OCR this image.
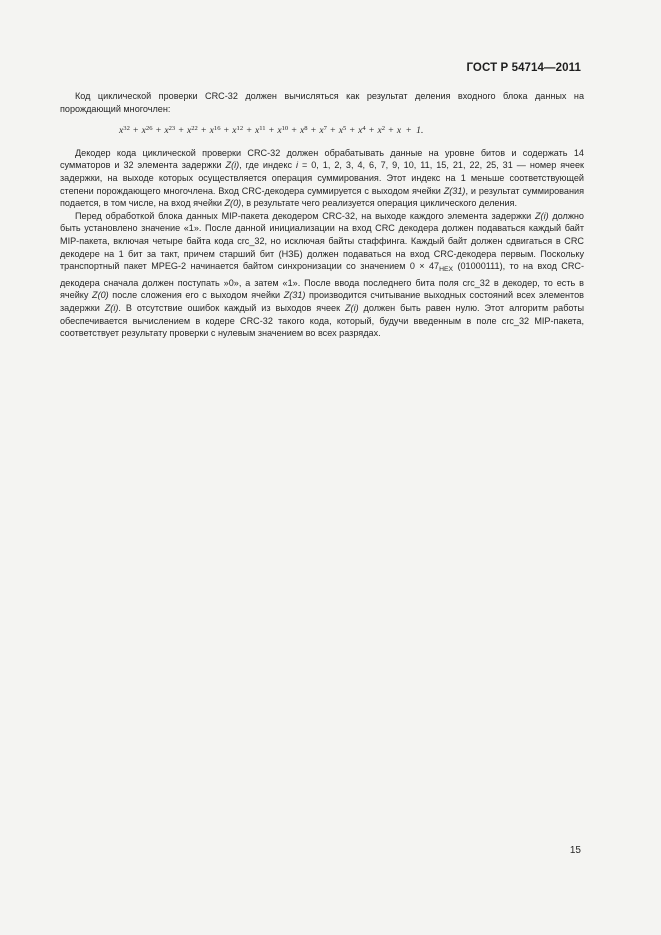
ГОСТ Р 54714—2011

Код циклической проверки CRC-32 должен вычисляться как результат деления входного блока данных на порождающий многочлен:

$x^{32} + x^{26} + x^{23} + x^{22} + x^{16} + x^{12} + x^{11} + x^{10} + x^8 + x^7 + x^5 + x^4 + x^2 + x + 1$.

Декодер кода циклической проверки CRC-32 должен обрабатывать данные на уровне битов и содержать 14 сумматоров и 32 элемента задержки Z(i), где индекс i = 0, 1, 2, 3, 4, 6, 7, 9, 10, 11, 15, 21, 22, 25, 31 — номер ячеек задержки, на выходе которых осуществляется операция суммирования. Этот индекс на 1 меньше соответствующей степени порождающего многочлена. Вход CRC-декодера суммируется с выходом ячейки Z(31), и результат суммирования подается, в том числе, на вход ячейки Z(0), в результате чего реализуется операция циклического деления.

Перед обработкой блока данных MIP-пакета декодером CRC-32, на выходе каждого элемента задержки Z(i) должно быть установлено значение «1». После данной инициализации на вход CRC декодера должен подаваться каждый байт MIP-пакета, включая четыре байта кода crc_32, но исключая байты стаффинга. Каждый байт должен сдвигаться в CRC декодере на 1 бит за такт, причем старший бит (НЗБ) должен подаваться на вход CRC-декодера первым. Поскольку транспортный пакет MPEG-2 начинается байтом синхронизации со значением $0 \times 47_{HEX}$ (01000111), то на вход CRC-декодера сначала должен поступать »0», а затем «1». После ввода последнего бита поля crc_32 в декодер, то есть в ячейку Z(0) после сложения его с выходом ячейки Z(31) производится считывание выходных состояний всех элементов задержки Z(i). В отсутствие ошибок каждый из выходов ячеек Z(i) должен быть равен нулю. Этот алгоритм работы обеспечивается вычислением в кодере CRC-32 такого кода, который, будучи введенным в поле crc_32 MIP-пакета, соответствует результату проверки с нулевым значением во всех разрядах.

15
